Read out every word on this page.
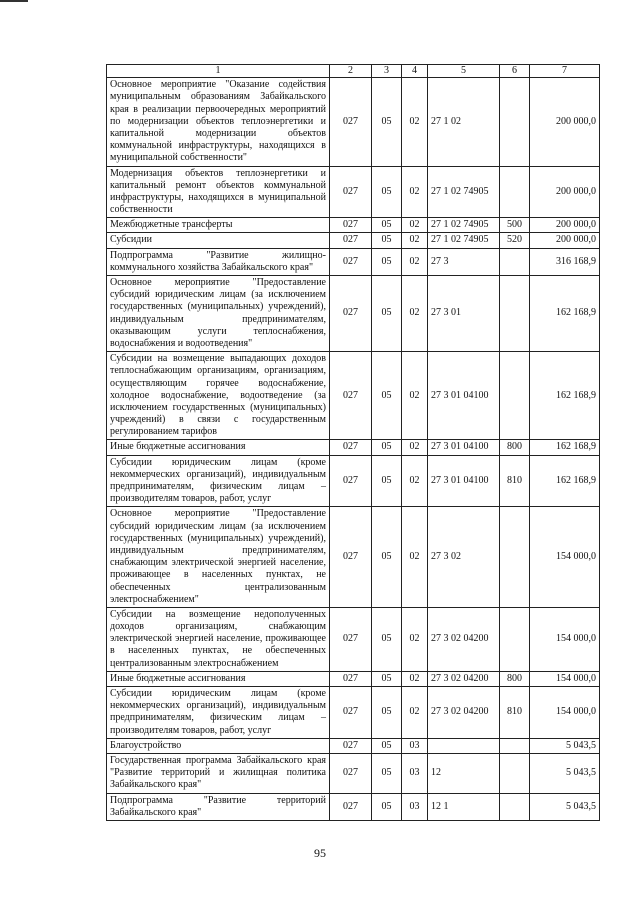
1	2	3	4	5	6	7
Основное мероприятие "Оказание содействия муниципальным образованиям Забайкальского края в реализации первоочередных мероприятий по модернизации объектов теплоэнергетики и капитальной модернизации объектов коммунальной инфраструктуры, находящихся в муниципальной собственности"	027	05	02	27 1 02		200 000,0
Модернизация объектов теплоэнергетики и капитальный ремонт объектов коммунальной инфраструктуры, находящихся в муниципальной собственности	027	05	02	27 1 02 74905		200 000,0
Межбюджетные трансферты	027	05	02	27 1 02 74905	500	200 000,0
Субсидии	027	05	02	27 1 02 74905	520	200 000,0
Подпрограмма "Развитие жилищно-коммунального хозяйства Забайкальского края"	027	05	02	27 3		316 168,9
Основное мероприятие "Предоставление субсидий юридическим лицам (за исключением государственных (муниципальных) учреждений), индивидуальным предпринимателям, оказывающим услуги теплоснабжения, водоснабжения и водоотведения"	027	05	02	27 3 01		162 168,9
Субсидии на возмещение выпадающих доходов теплоснабжающим организациям, организациям, осуществляющим горячее водоснабжение, холодное водоснабжение, водоотведение (за исключением государственных (муниципальных) учреждений) в связи с государственным регулированием тарифов	027	05	02	27 3 01 04100		162 168,9
Иные бюджетные ассигнования	027	05	02	27 3 01 04100	800	162 168,9
Субсидии юридическим лицам (кроме некоммерческих организаций), индивидуальным предпринимателям, физическим лицам – производителям товаров, работ, услуг	027	05	02	27 3 01 04100	810	162 168,9
Основное мероприятие "Предоставление субсидий юридическим лицам (за исключением государственных (муниципальных) учреждений), индивидуальным предпринимателям, снабжающим электрической энергией население, проживающее в населенных пунктах, не обеспеченных централизованным электроснабжением"	027	05	02	27 3 02		154 000,0
Субсидии на возмещение недополученных доходов организациям, снабжающим электрической энергией население, проживающее в населенных пунктах, не обеспеченных централизованным электроснабжением	027	05	02	27 3 02 04200		154 000,0
Иные бюджетные ассигнования	027	05	02	27 3 02 04200	800	154 000,0
Субсидии юридическим лицам (кроме некоммерческих организаций), индивидуальным предпринимателям, физическим лицам – производителям товаров, работ, услуг	027	05	02	27 3 02 04200	810	154 000,0
Благоустройство	027	05	03			5 043,5
Государственная программа Забайкальского края "Развитие территорий и жилищная политика Забайкальского края"	027	05	03	12		5 043,5
Подпрограмма "Развитие территорий Забайкальского края"	027	05	03	12 1		5 043,5
95
